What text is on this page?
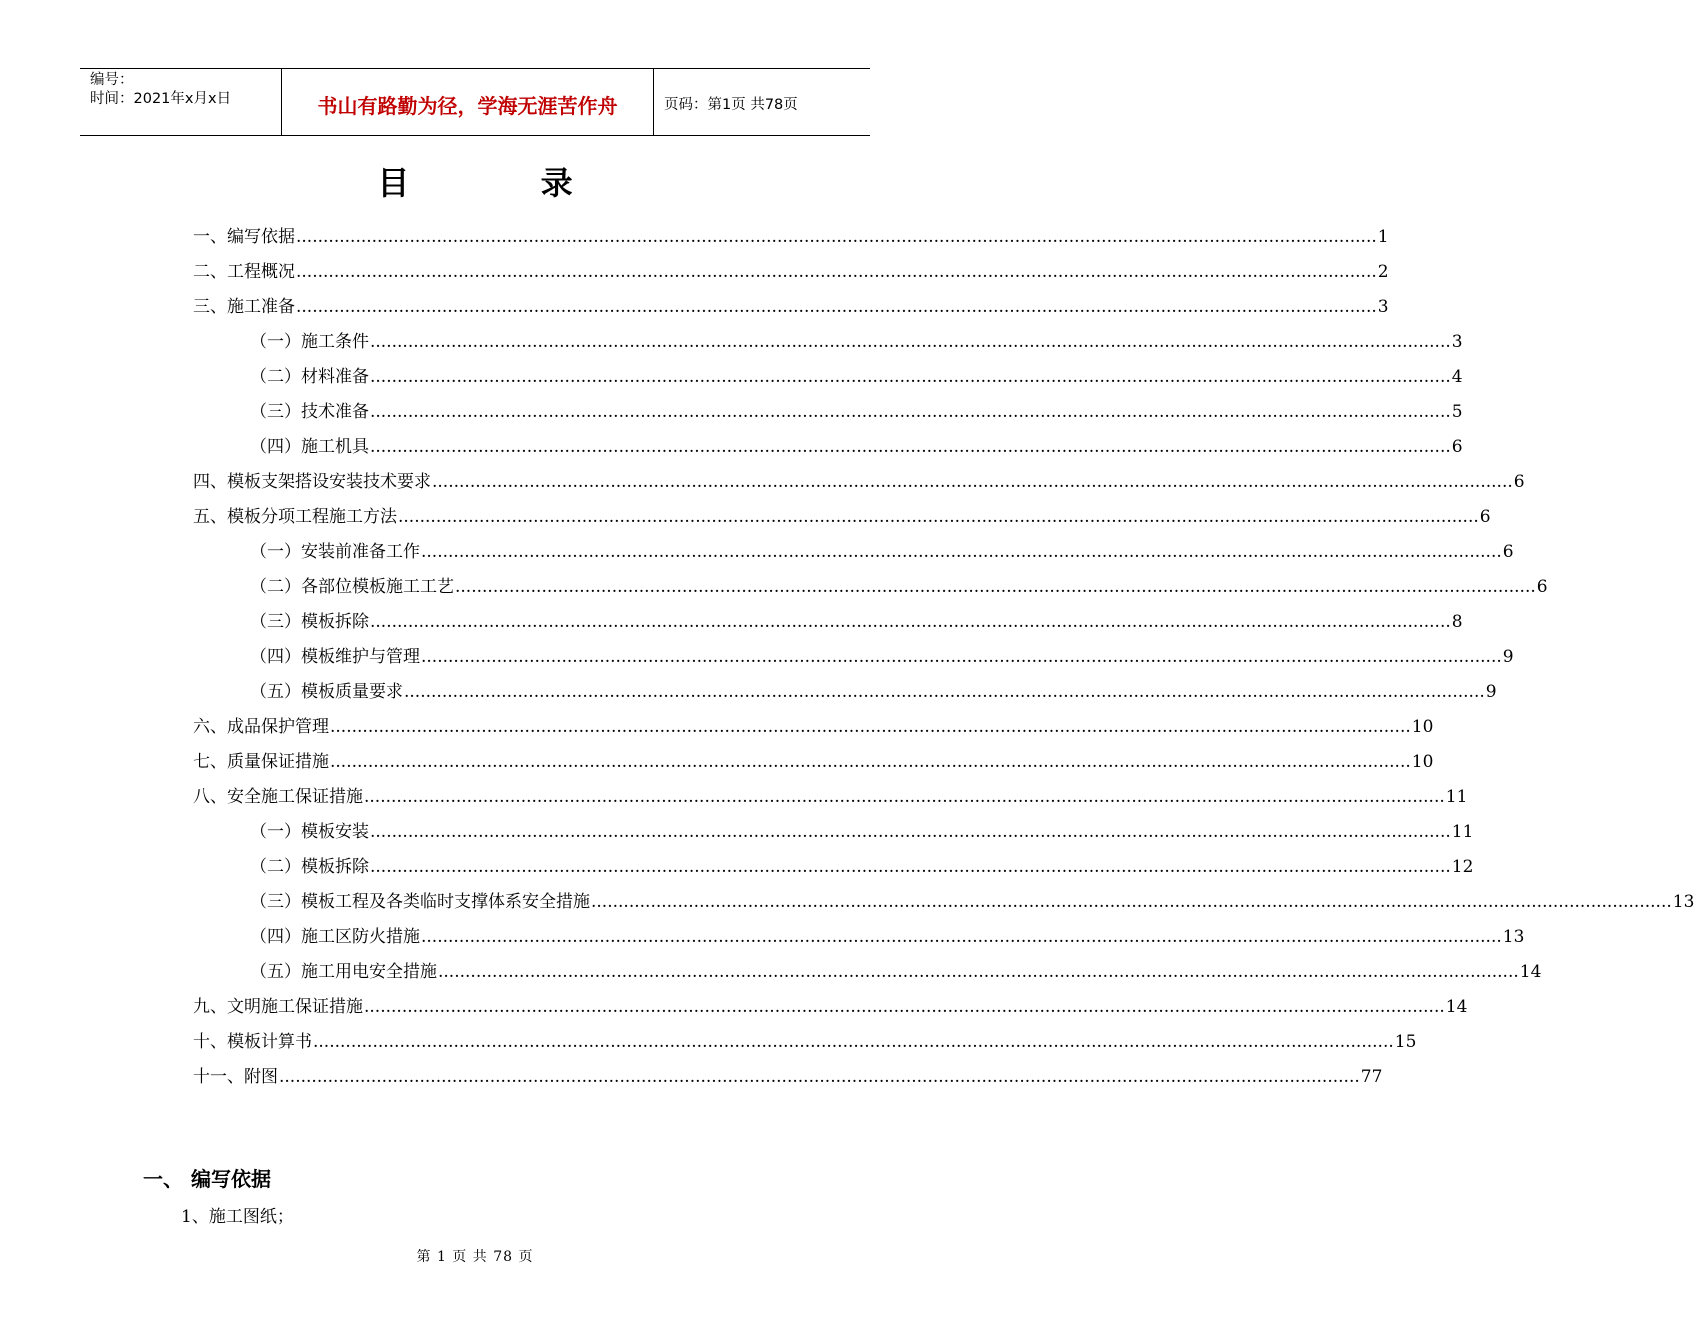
编号：
时间：2021年x月x日	书山有路勤为径，学海无涯苦作舟	页码：第1页 共78页
目 录
一、 编写依据 ........................................................................................................................................................................................................ 1
二、 工程概况 ........................................................................................................................................................................................................ 2
三、 施工准备 ........................................................................................................................................................................................................ 3
（一） 施工条件 ........................................................................................................................................................................................................ 3
（二） 材料准备 ........................................................................................................................................................................................................ 4
（三） 技术准备 ........................................................................................................................................................................................................ 5
（四） 施工机具 ........................................................................................................................................................................................................ 6
四、 模板支架搭设安装技术要求 ........................................................................................................................................................................................................ 6
五、 模板分项工程施工方法 ........................................................................................................................................................................................................ 6
（一） 安装前准备工作 ........................................................................................................................................................................................................ 6
（二） 各部位模板施工工艺 ........................................................................................................................................................................................................ 6
（三） 模板拆除 ........................................................................................................................................................................................................ 8
（四） 模板维护与管理 ........................................................................................................................................................................................................ 9
（五） 模板质量要求 ........................................................................................................................................................................................................ 9
六、 成品保护管理 ........................................................................................................................................................................................................ 10
七、 质量保证措施 ........................................................................................................................................................................................................ 10
八、 安全施工保证措施 ........................................................................................................................................................................................................ 11
（一） 模板安装 ........................................................................................................................................................................................................ 11
（二） 模板拆除 ........................................................................................................................................................................................................ 12
（三） 模板工程及各类临时支撑体系安全措施 ........................................................................................................................................................................................................ 13
（四） 施工区防火措施 ........................................................................................................................................................................................................ 13
（五） 施工用电安全措施 ........................................................................................................................................................................................................ 14
九、 文明施工保证措施 ........................................................................................................................................................................................................ 14
十、 模板计算书 ........................................................................................................................................................................................................ 15
十一、 附图 ........................................................................................................................................................................................................ 77
一、 编写依据
1、施工图纸；
第 1 页 共 78 页
